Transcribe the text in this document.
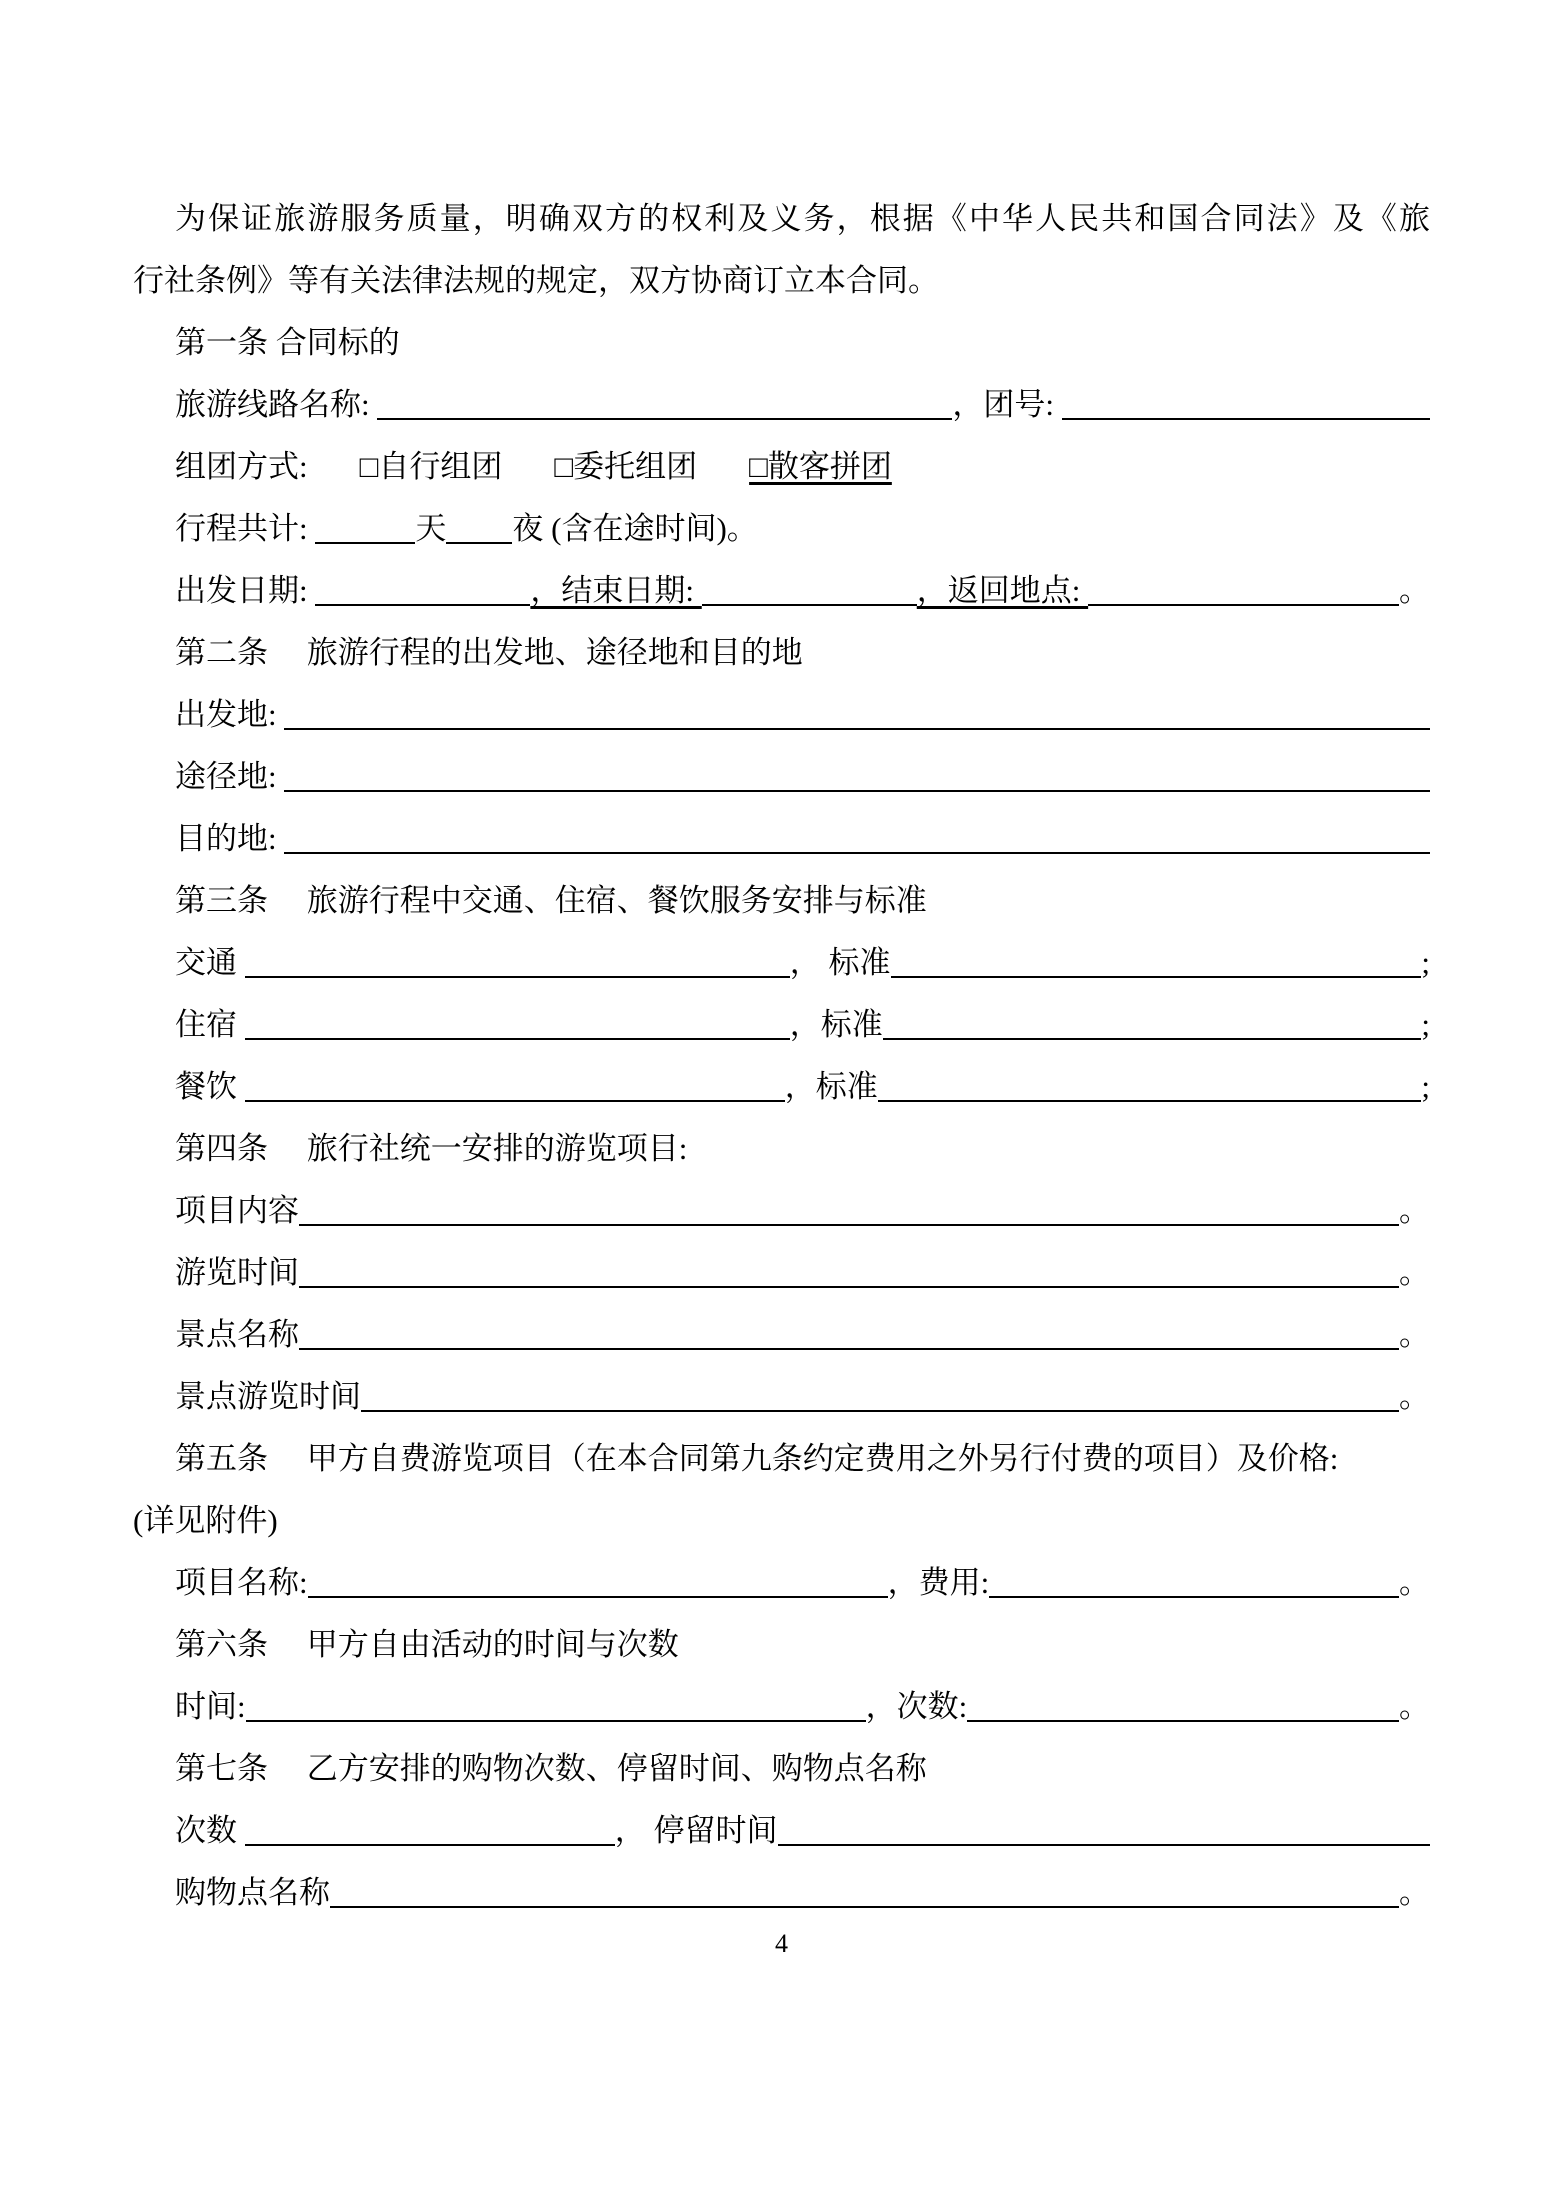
为保证旅游服务质量，明确双方的权利及义务，根据《中华人民共和国合同法》及《旅
行社条例》等有关法律法规的规定，双方协商订立本合同。
第一条 合同标的
旅游线路名称:	，团号:
组团方式: □自行组团 □委托组团 □散客拼团
行程共计:	天 夜 (含在途时间)。
出发日期:	，结束日期:	，返回地点:	。
第二条　 旅游行程的出发地、途径地和目的地
出发地:
途径地:
目的地:
第三条　 旅游行程中交通、住宿、餐饮服务安排与标准
交通	， 标准	;
住宿	，标准	;
餐饮	，标准	;
第四条　 旅行社统一安排的游览项目:
项目内容	。
游览时间	。
景点名称	。
景点游览时间	。
第五条　 甲方自费游览项目（在本合同第九条约定费用之外另行付费的项目）及价格:
(详见附件)
项目名称:	，费用:	。
第六条　 甲方自由活动的时间与次数
时间:	，次数:	。
第七条　 乙方安排的购物次数、停留时间、购物点名称
次数	， 停留时间
购物点名称	。
4
